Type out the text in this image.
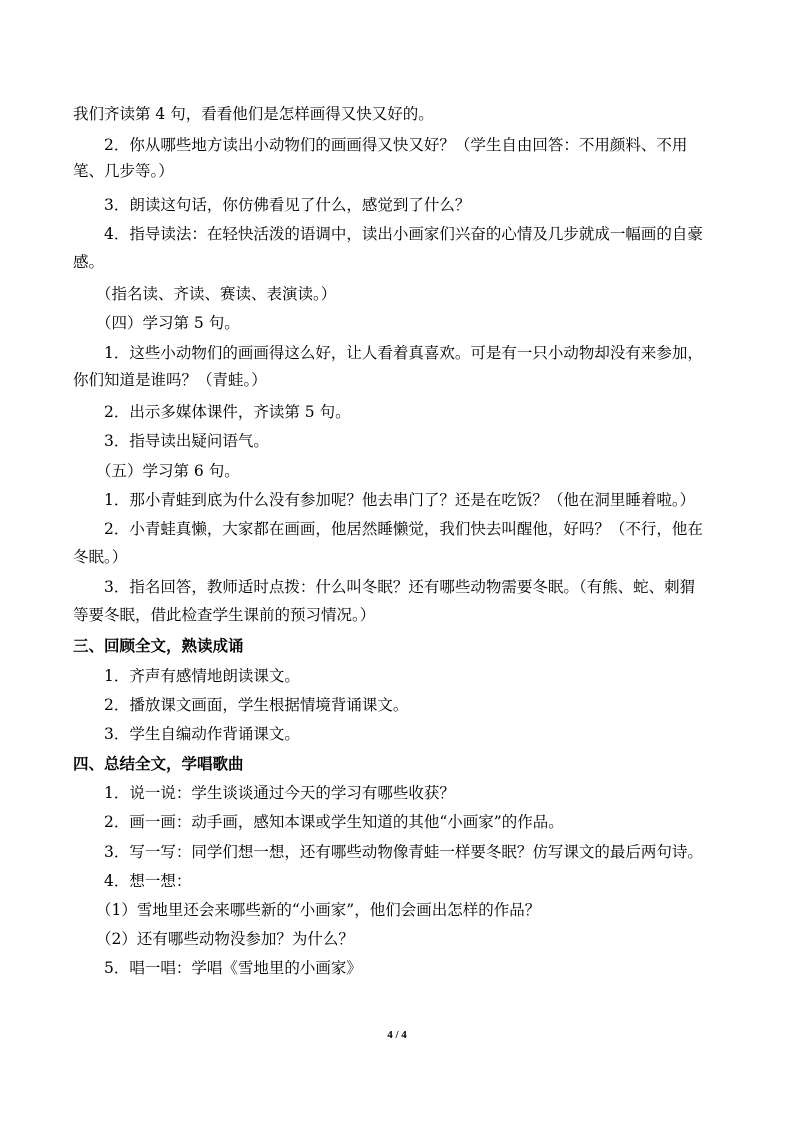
我们齐读第 4 句，看看他们是怎样画得又快又好的。
2．你从哪些地方读出小动物们的画画得又快又好？（学生自由回答：不用颜料、不用
笔、几步等。）
3．朗读这句话，你仿佛看见了什么，感觉到了什么？
4．指导读法：在轻快活泼的语调中，读出小画家们兴奋的心情及几步就成一幅画的自豪
感。
（指名读、齐读、赛读、表演读。）
（四）学习第 5 句。
1．这些小动物们的画画得这么好，让人看着真喜欢。可是有一只小动物却没有来参加，
你们知道是谁吗？（青蛙。）
2．出示多媒体课件，齐读第 5 句。
3．指导读出疑问语气。
（五）学习第 6 句。
1．那小青蛙到底为什么没有参加呢？他去串门了？还是在吃饭？（他在洞里睡着啦。）
2．小青蛙真懒，大家都在画画，他居然睡懒觉，我们快去叫醒他，好吗？（不行，他在
冬眠。）
3．指名回答，教师适时点拨：什么叫冬眠？还有哪些动物需要冬眠。（有熊、蛇、刺猬
等要冬眠，借此检查学生课前的预习情况。）
三、回顾全文，熟读成诵
1．齐声有感情地朗读课文。
2．播放课文画面，学生根据情境背诵课文。
3．学生自编动作背诵课文。
四、总结全文，学唱歌曲
1．说一说：学生谈谈通过今天的学习有哪些收获？
2．画一画：动手画，感知本课或学生知道的其他“小画家”的作品。
3．写一写：同学们想一想，还有哪些动物像青蛙一样要冬眠？仿写课文的最后两句诗。
4．想一想：
（1）雪地里还会来哪些新的“小画家”，他们会画出怎样的作品？
（2）还有哪些动物没参加？为什么？
5．唱一唱：学唱《雪地里的小画家》
4 / 4
